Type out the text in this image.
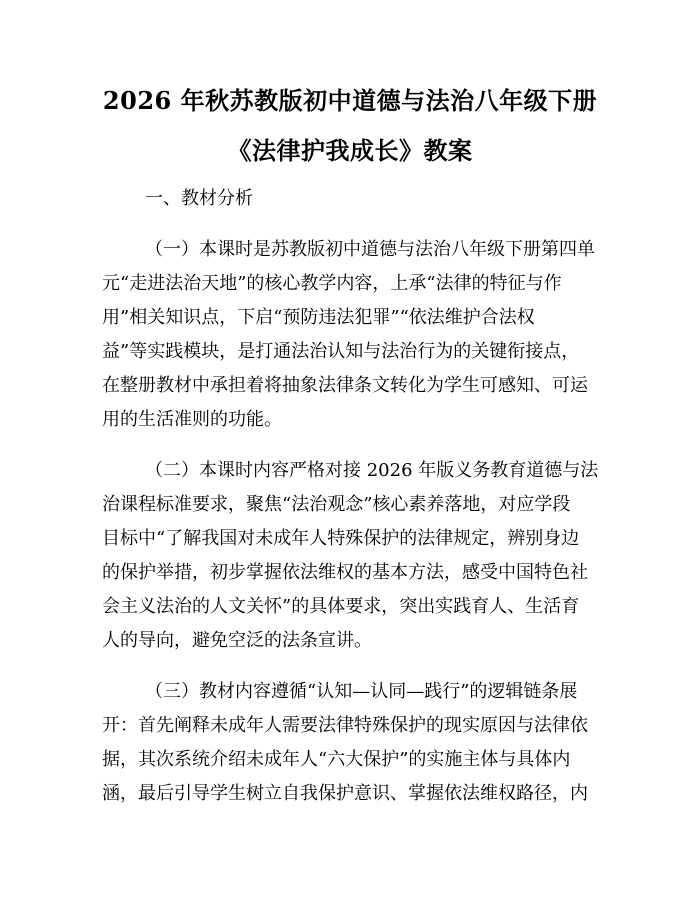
2026 年秋苏教版初中道德与法治八年级下册
《法律护我成长》教案
一、教材分析
（一）本课时是苏教版初中道德与法治八年级下册第四单
元“走进法治天地”的核心教学内容，上承“法律的特征与作
用”相关知识点，下启“预防违法犯罪”“依法维护合法权
益”等实践模块，是打通法治认知与法治行为的关键衔接点，
在整册教材中承担着将抽象法律条文转化为学生可感知、可运
用的生活准则的功能。
（二）本课时内容严格对接 2026 年版义务教育道德与法
治课程标准要求，聚焦“法治观念”核心素养落地，对应学段
目标中“了解我国对未成年人特殊保护的法律规定，辨别身边
的保护举措，初步掌握依法维权的基本方法，感受中国特色社
会主义法治的人文关怀”的具体要求，突出实践育人、生活育
人的导向，避免空泛的法条宣讲。
（三）教材内容遵循“认知—认同—践行”的逻辑链条展
开：首先阐释未成年人需要法律特殊保护的现实原因与法律依
据，其次系统介绍未成年人“六大保护”的实施主体与具体内
涵，最后引导学生树立自我保护意识、掌握依法维权路径，内
